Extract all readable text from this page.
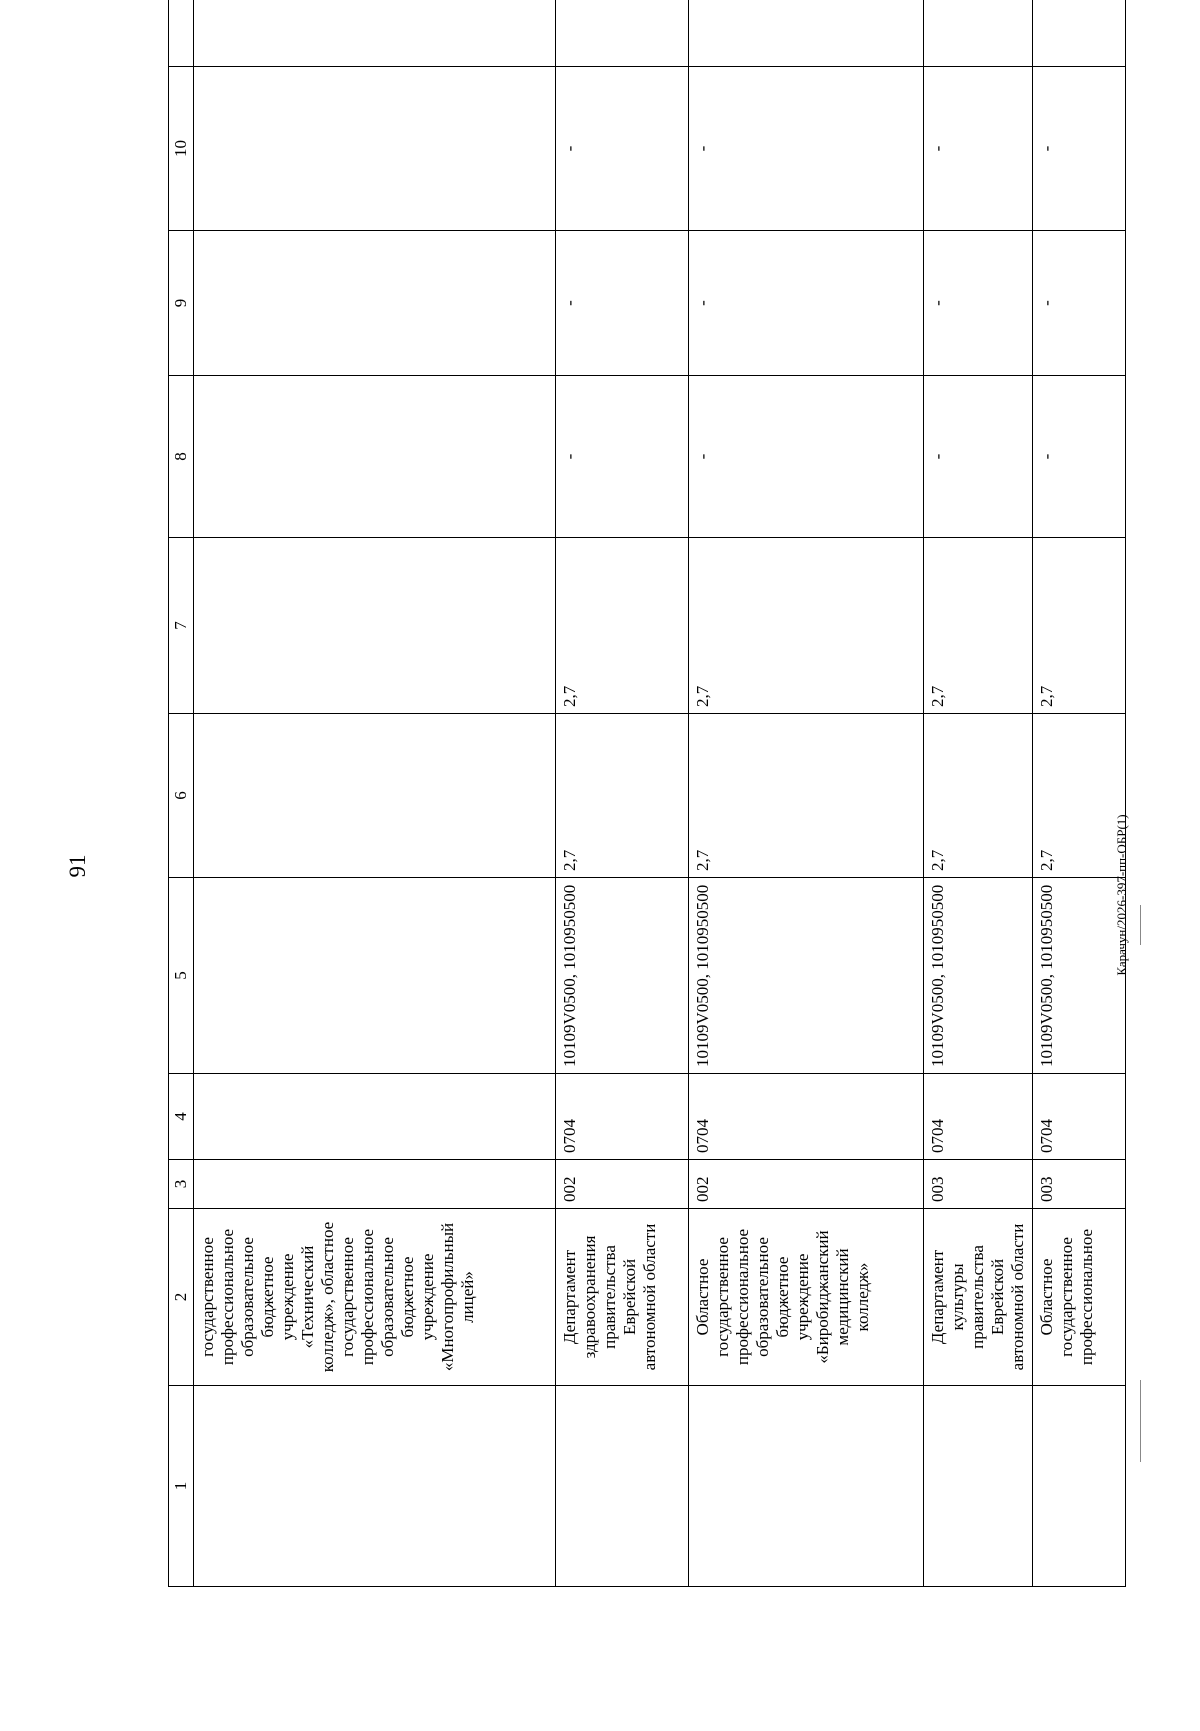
91
1	2	3	4	5	6	7	8	9	10	
	государственное профессиональное образовательное бюджетное учреждение «Технический колледж», областное государственное профессиональное образовательное бюджетное учреждение «Многопрофильный лицей»									
	Департамент здравоохранения правительства Еврейской автономной области	002	0704	10109V0500, 1010950500	2,7	2,7	-	-	-	
	Областное государственное профессиональное образовательное бюджетное учреждение «Биробиджанский медицинский колледж»	002	0704	10109V0500, 1010950500	2,7	2,7	-	-	-	
	Департамент культуры правительства Еврейской автономной области	003	0704	10109V0500, 1010950500	2,7	2,7	-	-	-	
	Областное государственное профессиональное	003	0704	10109V0500, 1010950500	2,7	2,7	-	-	-	
Карачун/2026-397-пп-ОБР(1)
